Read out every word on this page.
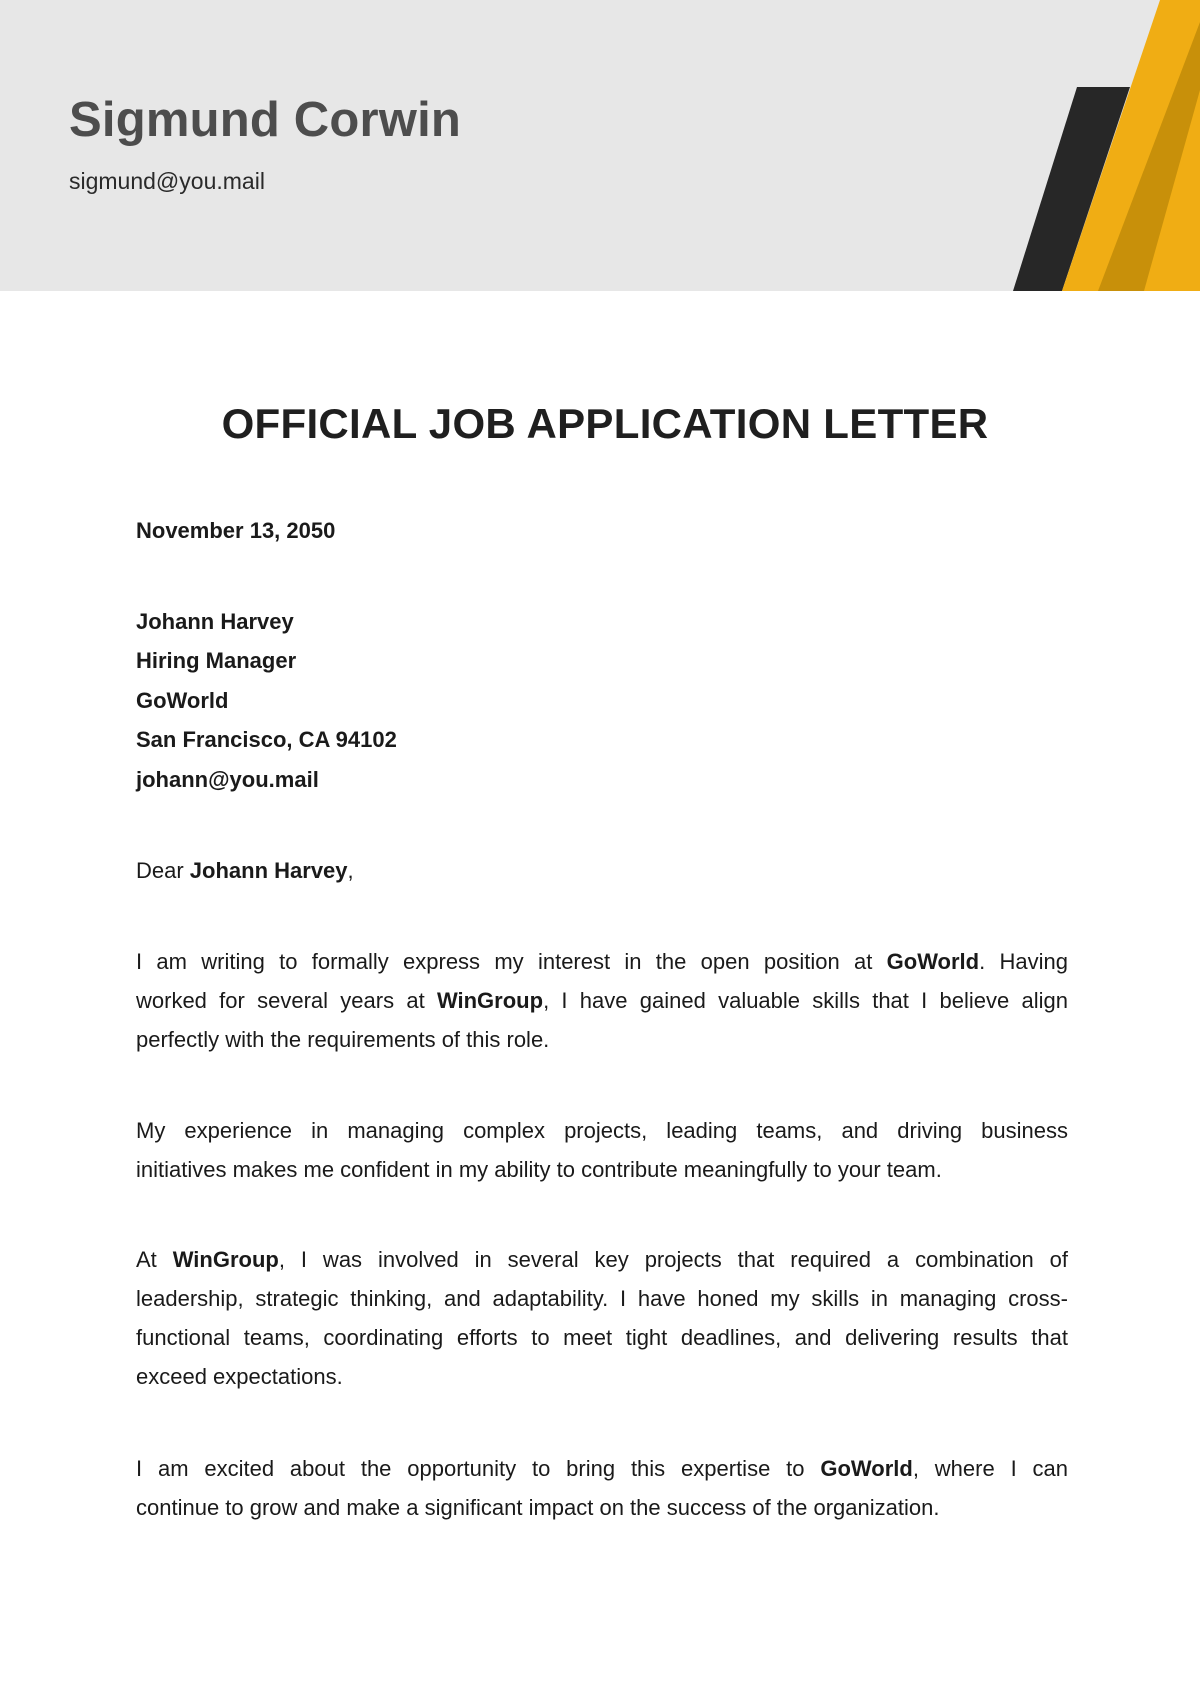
Sigmund Corwin
sigmund@you.mail
OFFICIAL JOB APPLICATION LETTER
November 13, 2050
Johann Harvey
Hiring Manager
GoWorld
San Francisco, CA 94102
johann@you.mail
Dear Johann Harvey,
I am writing to formally express my interest in the open position at GoWorld. Having
worked for several years at WinGroup, I have gained valuable skills that I believe align
perfectly with the requirements of this role.
My experience in managing complex projects, leading teams, and driving business
initiatives makes me confident in my ability to contribute meaningfully to your team.
At WinGroup, I was involved in several key projects that required a combination of
leadership, strategic thinking, and adaptability. I have honed my skills in managing cross-
functional teams, coordinating efforts to meet tight deadlines, and delivering results that
exceed expectations.
I am excited about the opportunity to bring this expertise to GoWorld, where I can
continue to grow and make a significant impact on the success of the organization.
